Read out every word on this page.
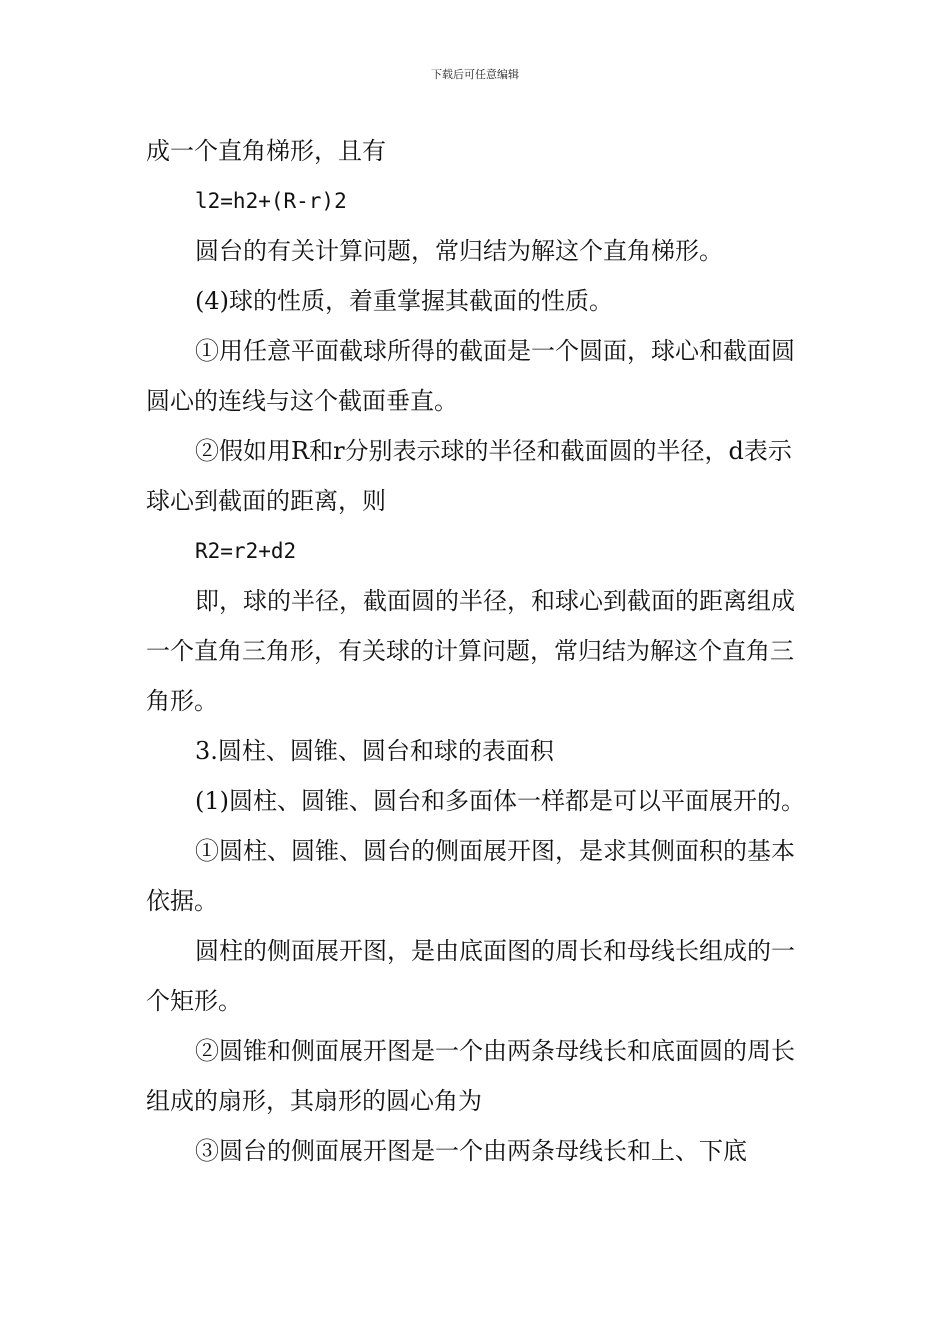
下载后可任意编辑

成一个直角梯形，且有

l2=h2+(R-r)2

圆台的有关计算问题，常归结为解这个直角梯形。

(4)球的性质，着重掌握其截面的性质。

①用任意平面截球所得的截面是一个圆面，球心和截面圆圆心的连线与这个截面垂直。

②假如用R和r分别表示球的半径和截面圆的半径，d表示球心到截面的距离，则

R2=r2+d2

即，球的半径，截面圆的半径，和球心到截面的距离组成一个直角三角形，有关球的计算问题，常归结为解这个直角三角形。

3.圆柱、圆锥、圆台和球的表面积

(1)圆柱、圆锥、圆台和多面体一样都是可以平面展开的。

①圆柱、圆锥、圆台的侧面展开图，是求其侧面积的基本依据。

圆柱的侧面展开图，是由底面图的周长和母线长组成的一个矩形。

②圆锥和侧面展开图是一个由两条母线长和底面圆的周长组成的扇形，其扇形的圆心角为

③圆台的侧面展开图是一个由两条母线长和上、下底
